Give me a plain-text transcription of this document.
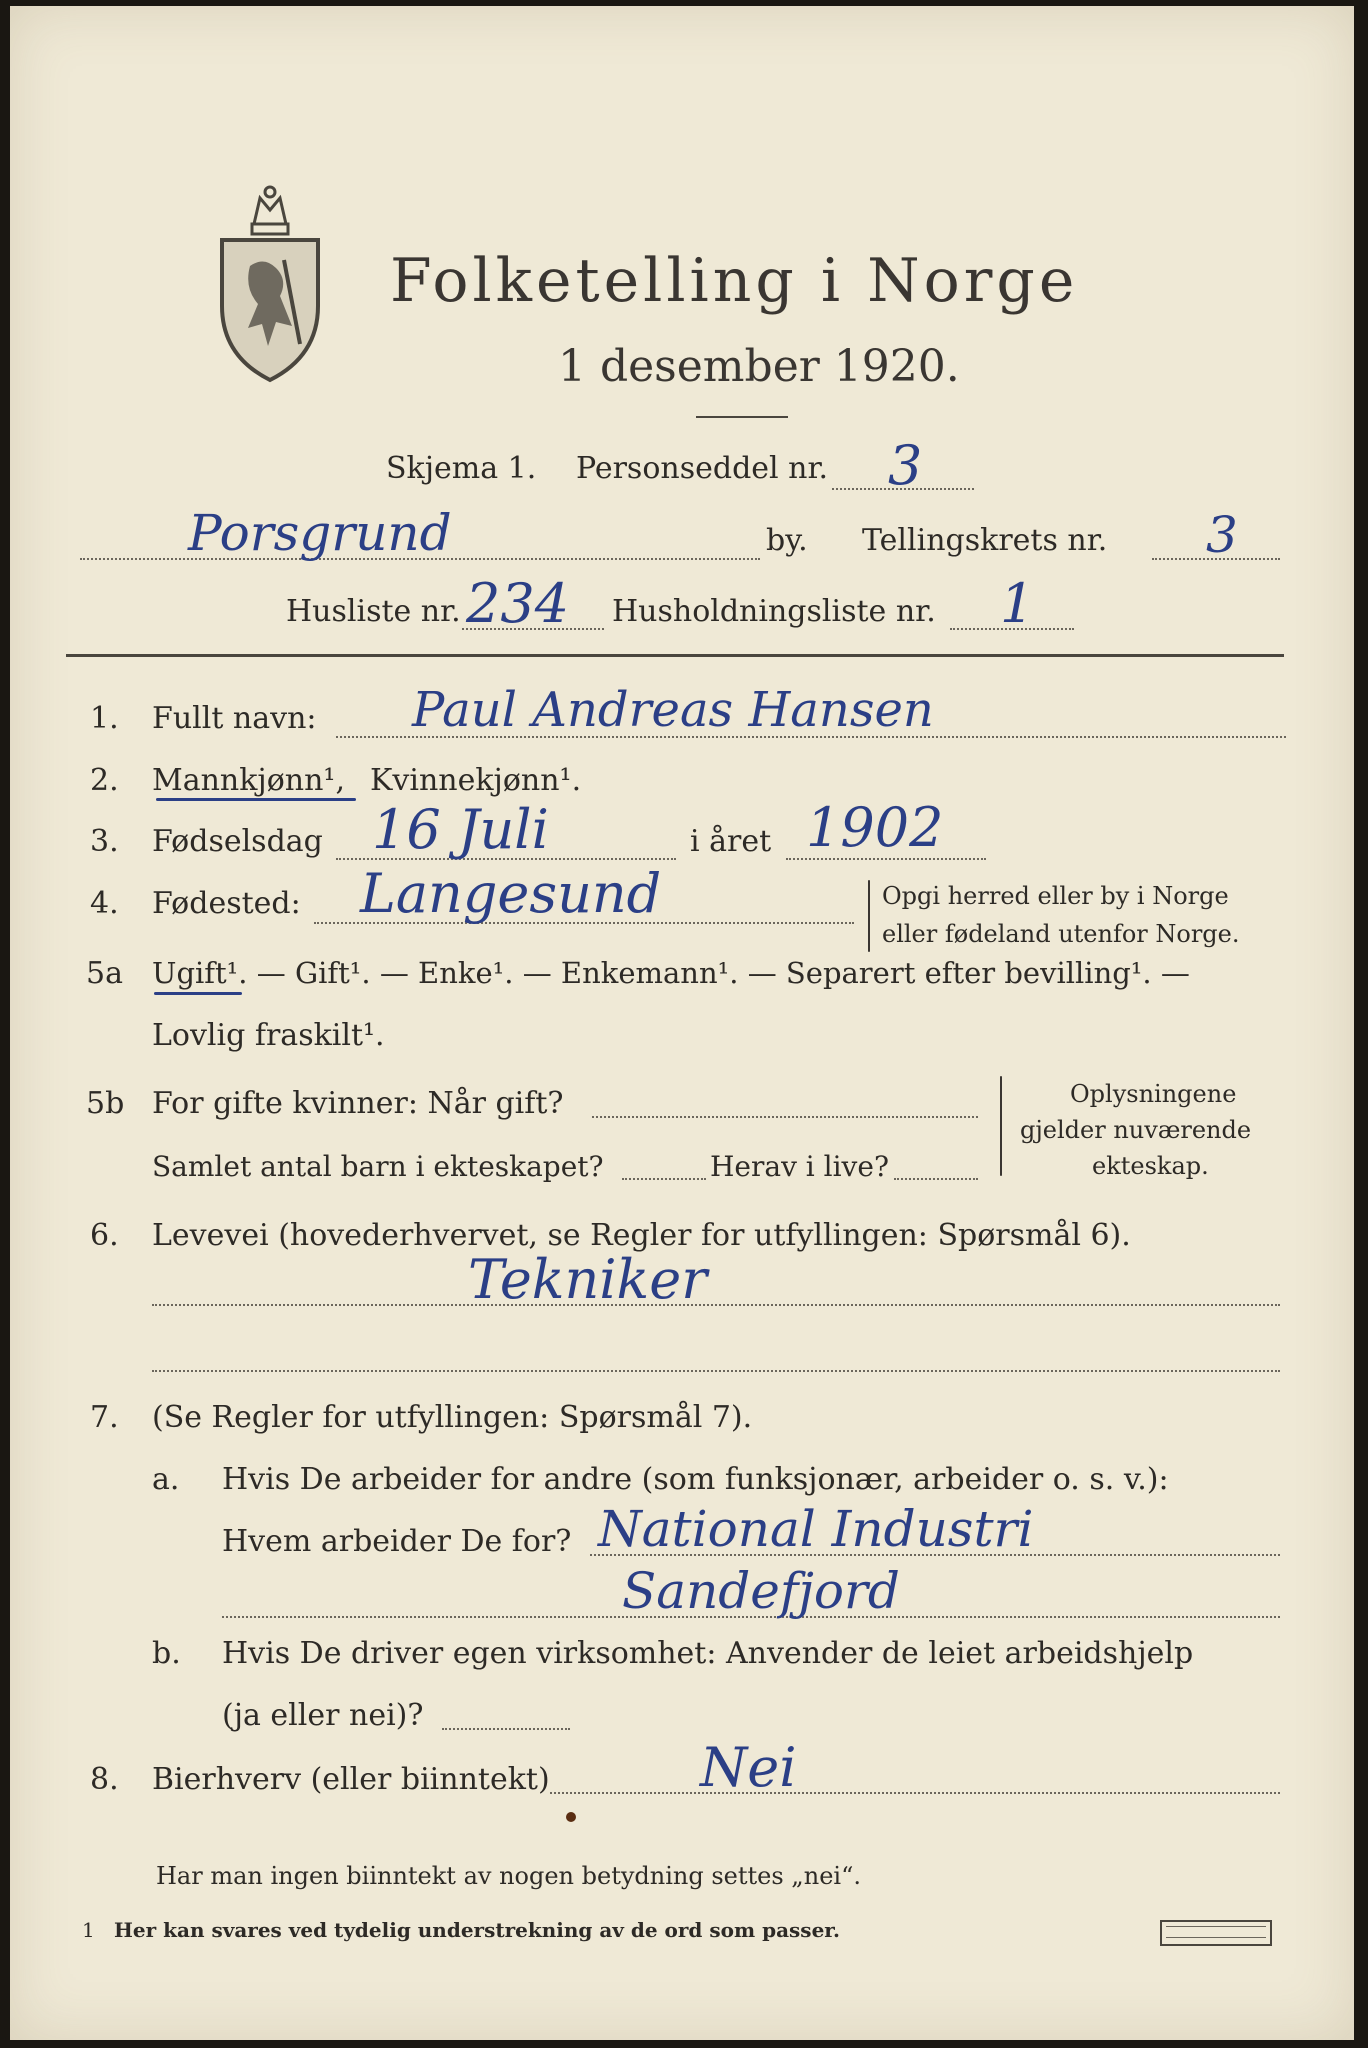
Folketelling i Norge
1 desember 1920.
Skjema 1. Personseddel nr. 3
Porsgrund	by. Tellingskrets nr. 3
Husliste nr. 234 Husholdningsliste nr. 1
1. Fullt navn: Paul Andreas Hansen
2. Mannkjønn¹, Kvinnekjønn¹.
3. Fødselsdag 16 Juli	i året 1902
4. Fødested: Langesund	Opgi herred eller by i Norge
eller fødeland utenfor Norge.
5a Ugift¹. — Gift¹. — Enke¹. — Enkemann¹. — Separert efter bevilling¹. —
Lovlig fraskilt¹.
5b For gifte kvinner: Når gift?
Samlet antal barn i ekteskapet?	Herav i live?
Oplysningene
gjelder nuværende
ekteskap.
6. Levevei (hovederhvervet, se Regler for utfyllingen: Spørsmål 6).
Tekniker
7. (Se Regler for utfyllingen: Spørsmål 7).
a. Hvis De arbeider for andre (som funksjonær, arbeider o. s. v.):
Hvem arbeider De for? National Industri
Sandefjord
b. Hvis De driver egen virksomhet: Anvender de leiet arbeidshjelp
(ja eller nei)?
8. Bierhverv (eller biinntekt)	Nei
Har man ingen biinntekt av nogen betydning settes „nei“.
1 Her kan svares ved tydelig understrekning av de ord som passer.
